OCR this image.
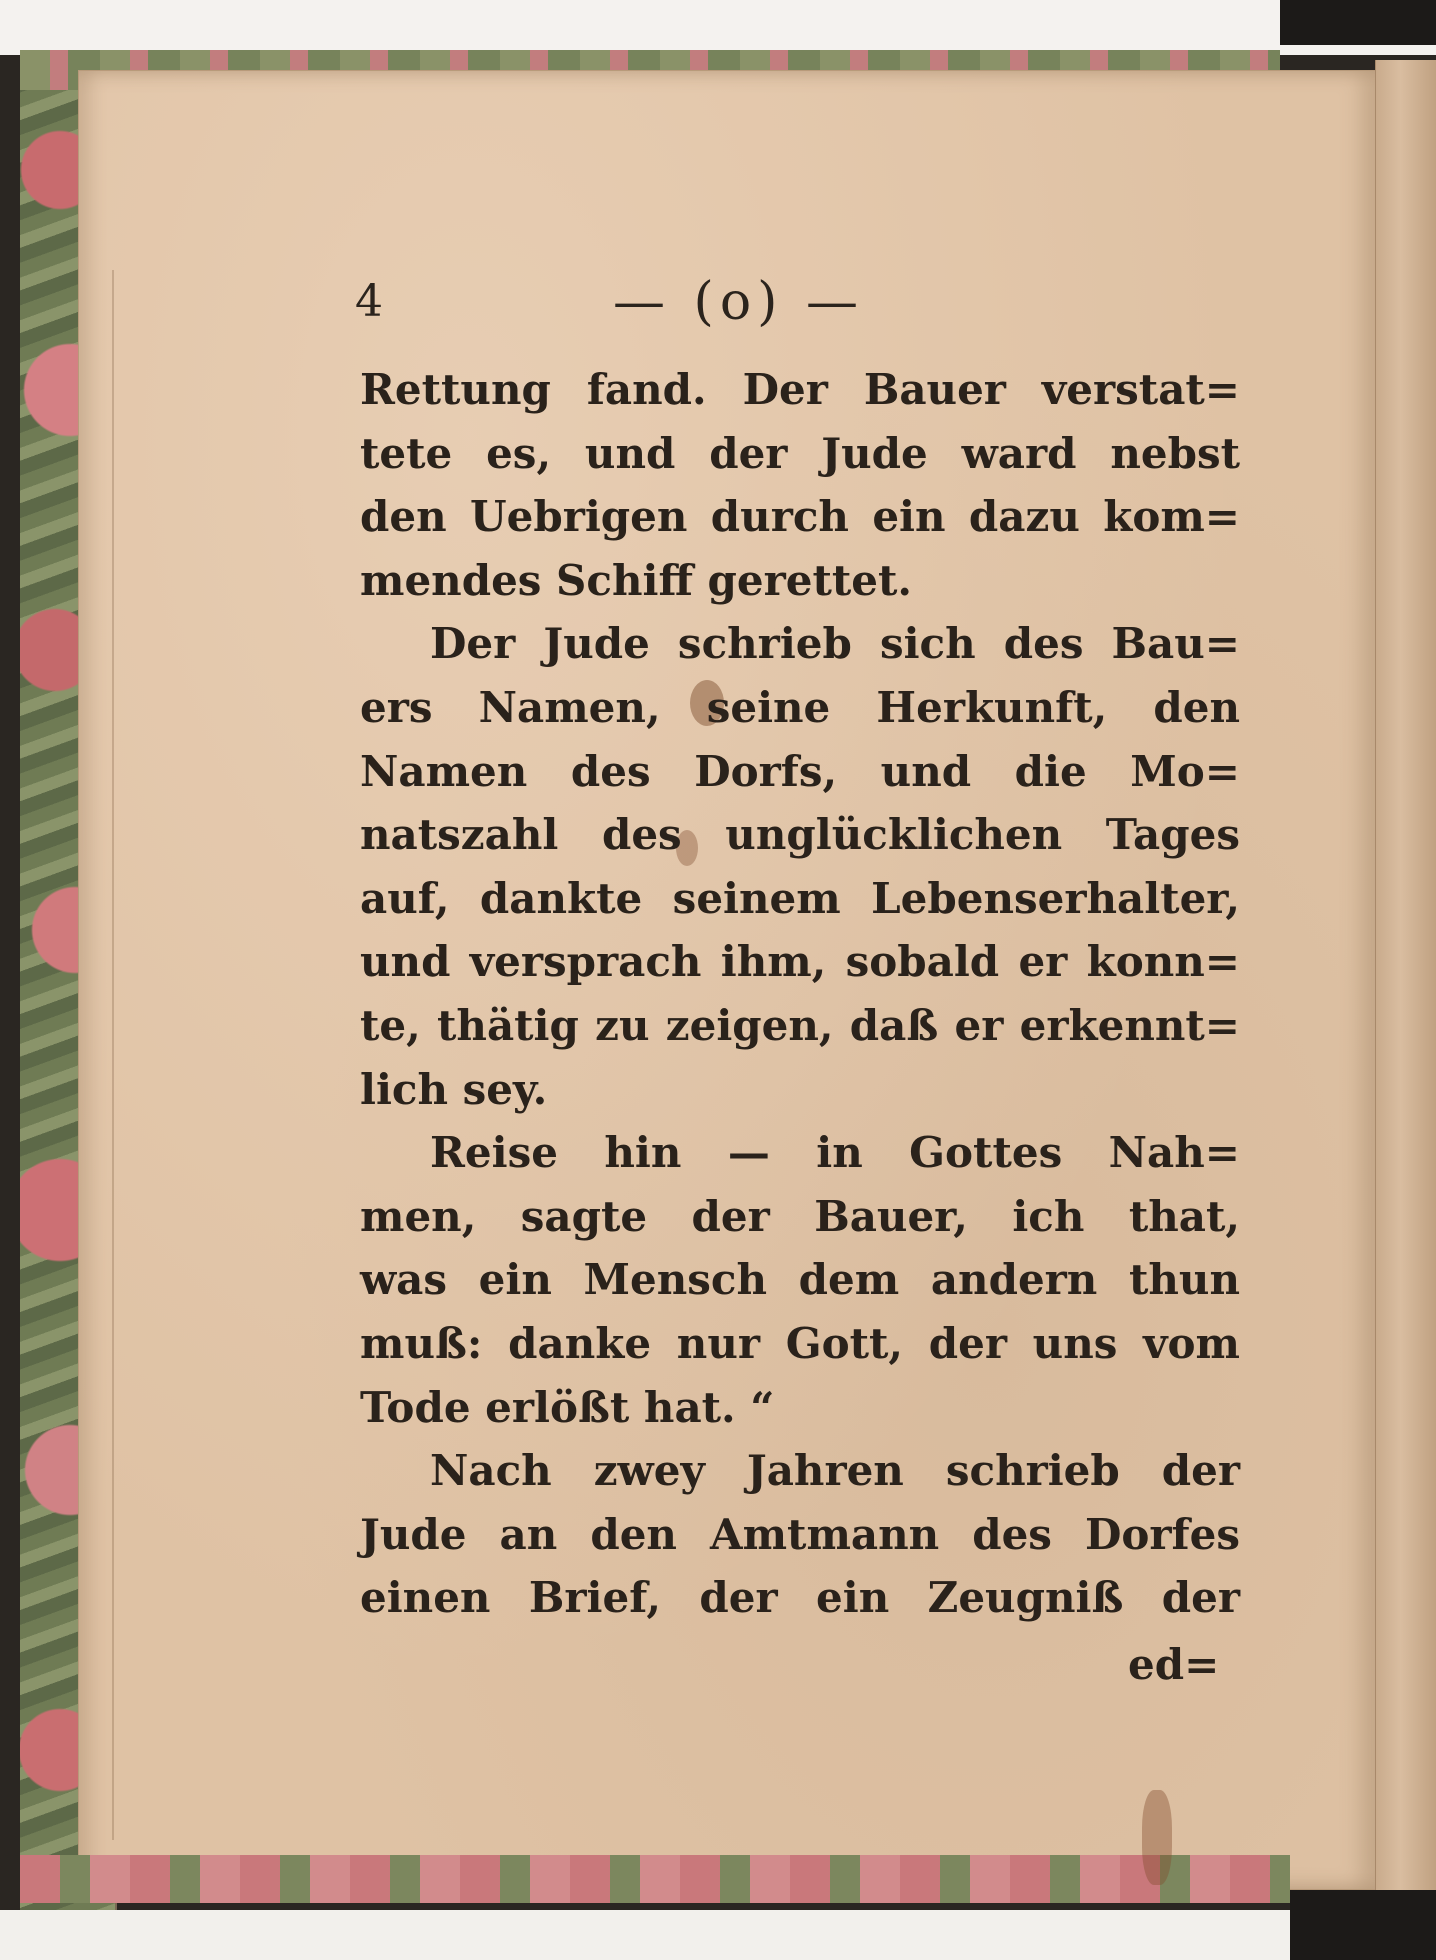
4	— (o) —
Rettung fand. Der Bauer verstat=
tete es, und der Jude ward nebst
den Uebrigen durch ein dazu kom=
mendes Schiff gerettet.
Der Jude schrieb sich des Bau=
ers Namen, seine Herkunft, den
Namen des Dorfs, und die Mo=
natszahl des unglücklichen Tages
auf, dankte seinem Lebenserhalter,
und versprach ihm, sobald er konn=
te, thätig zu zeigen, daß er erkennt=
lich sey.
Reise hin — in Gottes Nah=
men, sagte der Bauer, ich that,
was ein Mensch dem andern thun
muß: danke nur Gott, der uns vom
Tode erlößt hat. “
Nach zwey Jahren schrieb der
Jude an den Amtmann des Dorfes
einen Brief, der ein Zeugniß der
ed=
